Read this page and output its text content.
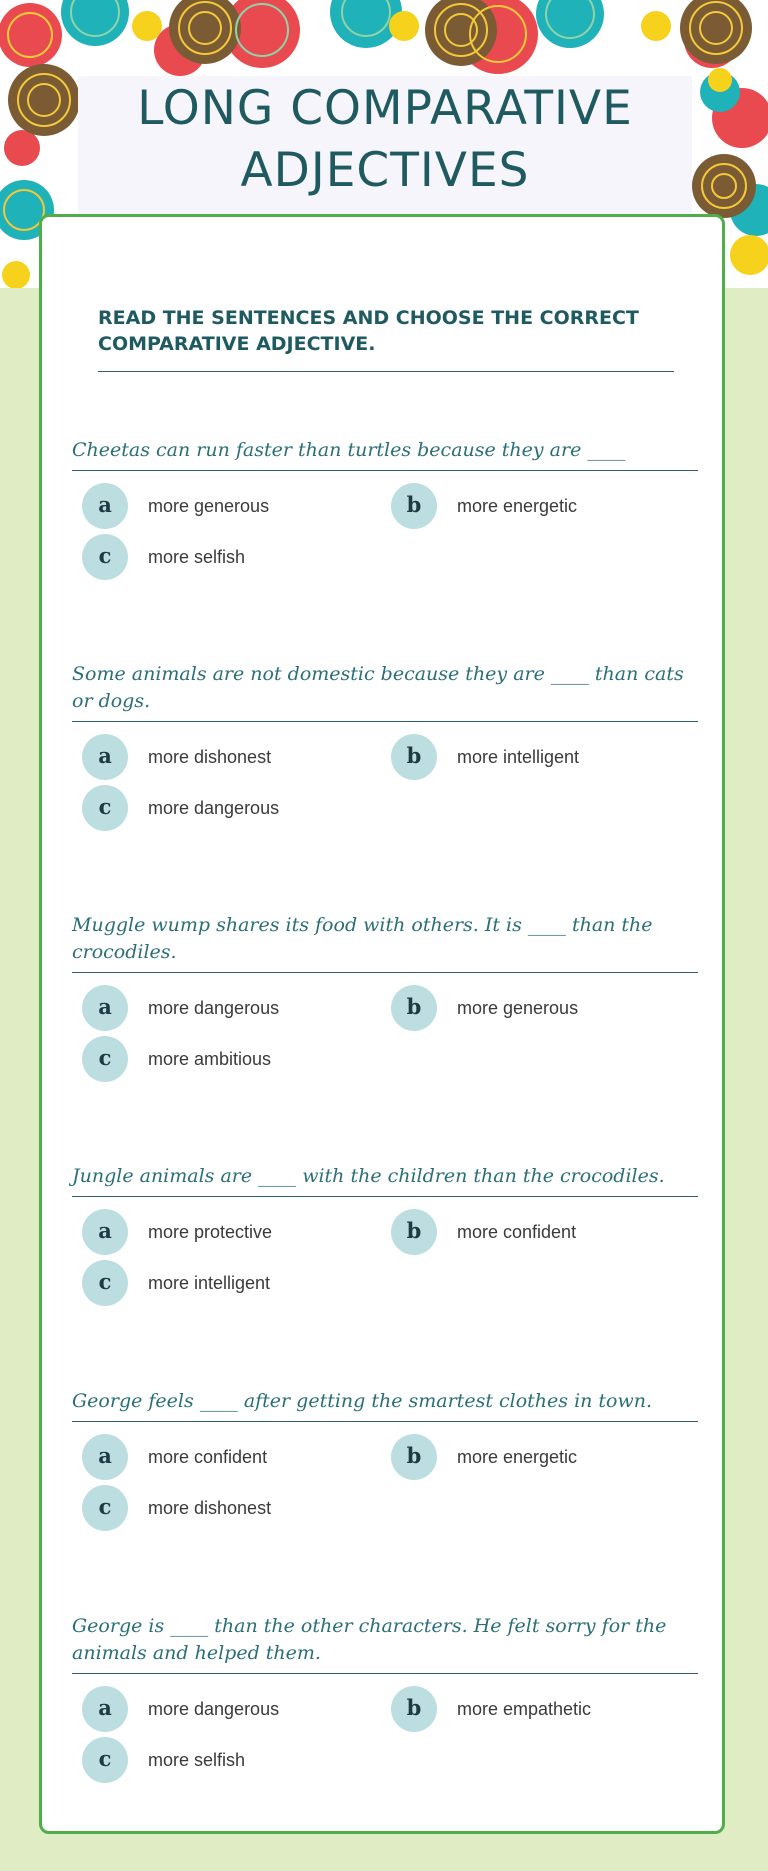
LONG COMPARATIVE ADJECTIVES

READ THE SENTENCES AND CHOOSE THE CORRECT COMPARATIVE ADJECTIVE.

Cheetas can run faster than turtles because they are ____

a	more generous	b	more energetic
c	more selfish

Some animals are not domestic because they are ____ than cats or dogs.

a	more dishonest	b	more intelligent
c	more dangerous

Muggle wump shares its food with others. It is ____ than the crocodiles.

a	more dangerous	b	more generous
c	more ambitious

Jungle animals are ____ with the children than the crocodiles.

a	more protective	b	more confident
c	more intelligent

George feels ____ after getting the smartest clothes in town.

a	more confident	b	more energetic
c	more dishonest

George is ____ than the other characters. He felt sorry for the animals and helped them.

a	more dangerous	b	more empathetic
c	more selfish
